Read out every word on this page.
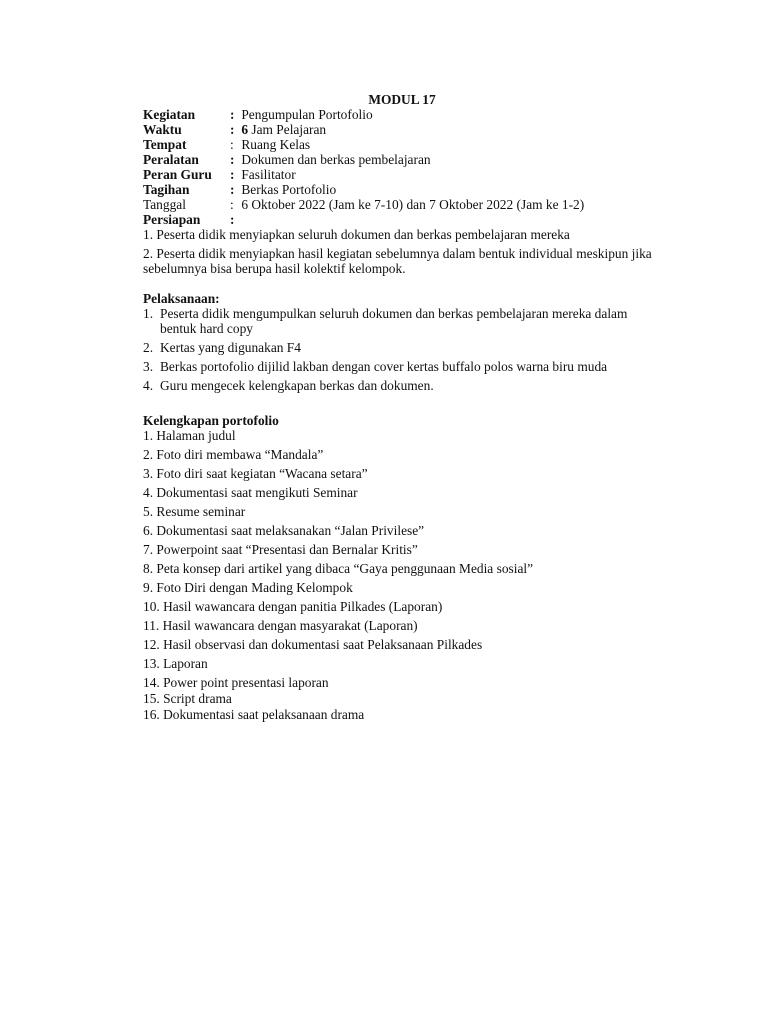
MODUL 17
Kegiatan	: Pengumpulan Portofolio
Waktu	: 6 Jam Pelajaran
Tempat	: Ruang Kelas
Peralatan : Dokumen dan berkas pembelajaran
Peran Guru : Fasilitator
Tagihan	: Berkas Portofolio
Tanggal	: 6 Oktober 2022 (Jam ke 7-10) dan 7 Oktober 2022 (Jam ke 1-2)
Persiapan :
1. Peserta didik menyiapkan seluruh dokumen dan berkas pembelajaran mereka
2. Peserta didik menyiapkan hasil kegiatan sebelumnya dalam bentuk individual meskipun jika sebelumnya bisa berupa hasil kolektif kelompok.
Pelaksanaan:
1. Peserta didik mengumpulkan seluruh dokumen dan berkas pembelajaran mereka dalam bentuk hard copy
2. Kertas yang digunakan F4
3. Berkas portofolio dijilid lakban dengan cover kertas buffalo polos warna biru muda
4. Guru mengecek kelengkapan berkas dan dokumen.
Kelengkapan portofolio
1. Halaman judul
2. Foto diri membawa “Mandala”
3. Foto diri saat kegiatan “Wacana setara”
4. Dokumentasi saat mengikuti Seminar
5. Resume seminar
6. Dokumentasi saat melaksanakan “Jalan Privilese”
7. Powerpoint saat “Presentasi dan Bernalar Kritis”
8. Peta konsep dari artikel yang dibaca “Gaya penggunaan Media sosial”
9. Foto Diri dengan Mading Kelompok
10. Hasil wawancara dengan panitia Pilkades (Laporan)
11. Hasil wawancara dengan masyarakat (Laporan)
12. Hasil observasi dan dokumentasi saat Pelaksanaan Pilkades
13. Laporan
14. Power point presentasi laporan
15. Script drama
16. Dokumentasi saat pelaksanaan drama
